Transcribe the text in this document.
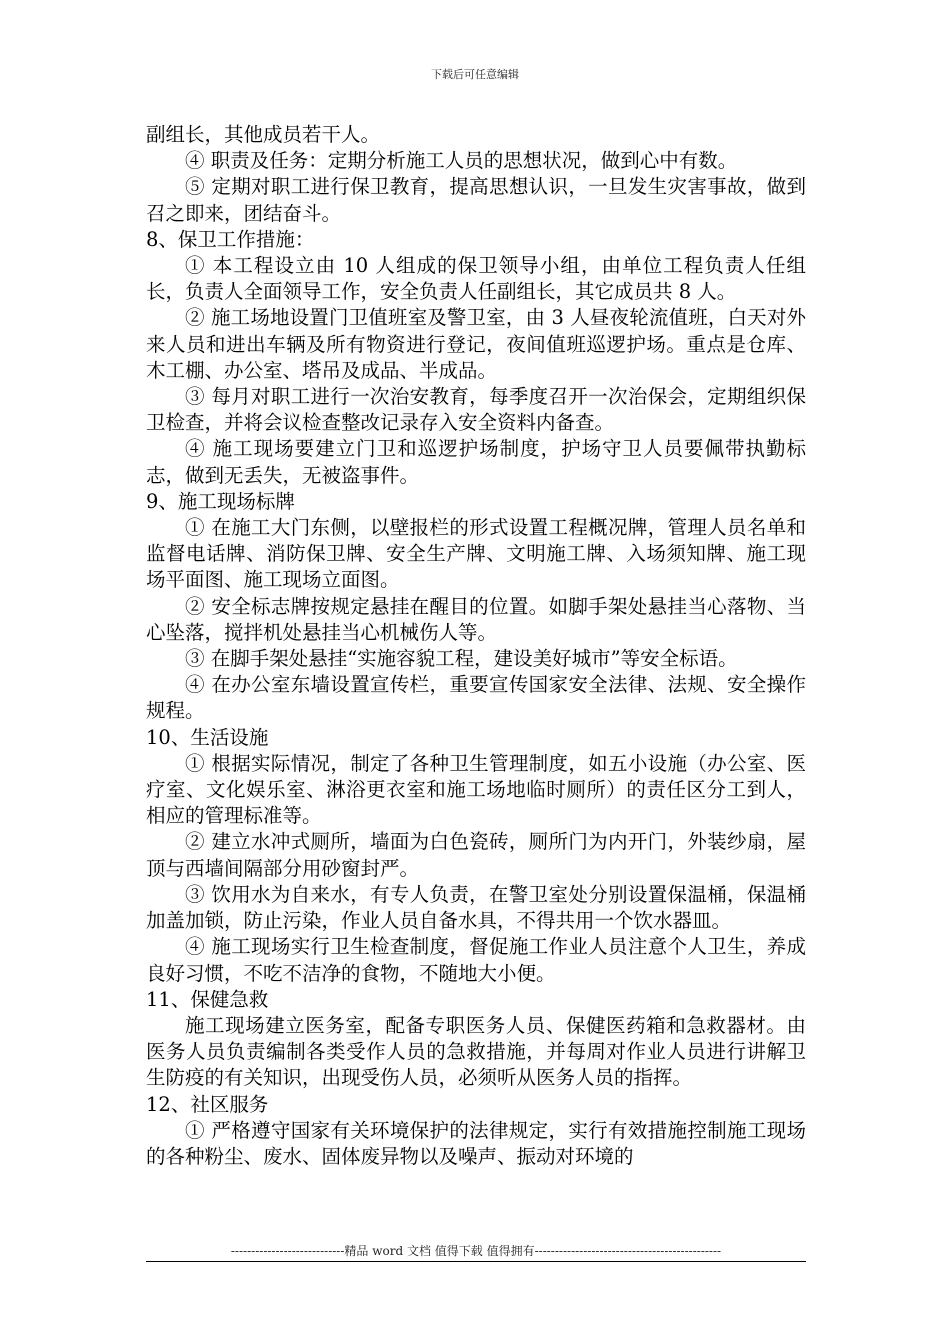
下载后可任意编辑

副组长，其他成员若干人。

④ 职责及任务：定期分析施工人员的思想状况，做到心中有数。

⑤ 定期对职工进行保卫教育，提高思想认识，一旦发生灾害事故，做到召之即来，团结奋斗。

8、保卫工作措施：

① 本工程设立由 10 人组成的保卫领导小组，由单位工程负责人任组长，负责人全面领导工作，安全负责人任副组长，其它成员共 8 人。

② 施工场地设置门卫值班室及警卫室，由 3 人昼夜轮流值班，白天对外来人员和进出车辆及所有物资进行登记，夜间值班巡逻护场。重点是仓库、木工棚、办公室、塔吊及成品、半成品。

③ 每月对职工进行一次治安教育，每季度召开一次治保会，定期组织保卫检查，并将会议检查整改记录存入安全资料内备查。

④ 施工现场要建立门卫和巡逻护场制度，护场守卫人员要佩带执勤标志，做到无丢失，无被盗事件。

9、施工现场标牌

① 在施工大门东侧，以壁报栏的形式设置工程概况牌，管理人员名单和监督电话牌、消防保卫牌、安全生产牌、文明施工牌、入场须知牌、施工现场平面图、施工现场立面图。

② 安全标志牌按规定悬挂在醒目的位置。如脚手架处悬挂当心落物、当心坠落，搅拌机处悬挂当心机械伤人等。

③ 在脚手架处悬挂“实施容貌工程，建设美好城市”等安全标语。

④ 在办公室东墙设置宣传栏，重要宣传国家安全法律、法规、安全操作规程。

10、生活设施

① 根据实际情况，制定了各种卫生管理制度，如五小设施（办公室、医疗室、文化娱乐室、淋浴更衣室和施工场地临时厕所）的责任区分工到人，相应的管理标准等。

② 建立水冲式厕所，墙面为白色瓷砖，厕所门为内开门，外装纱扇，屋顶与西墙间隔部分用砂窗封严。

③ 饮用水为自来水，有专人负责，在警卫室处分别设置保温桶，保温桶加盖加锁，防止污染，作业人员自备水具，不得共用一个饮水器皿。

④ 施工现场实行卫生检查制度，督促施工作业人员注意个人卫生，养成良好习惯，不吃不洁净的食物，不随地大小便。

11、保健急救

施工现场建立医务室，配备专职医务人员、保健医药箱和急救器材。由医务人员负责编制各类受作人员的急救措施，并每周对作业人员进行讲解卫生防疫的有关知识，出现受伤人员，必须听从医务人员的指挥。

12、社区服务

① 严格遵守国家有关环境保护的法律规定，实行有效措施控制施工现场的各种粉尘、废水、固体废异物以及噪声、振动对环境的

----------------------------精品 word 文档 值得下载 值得拥有----------------------------------------------
